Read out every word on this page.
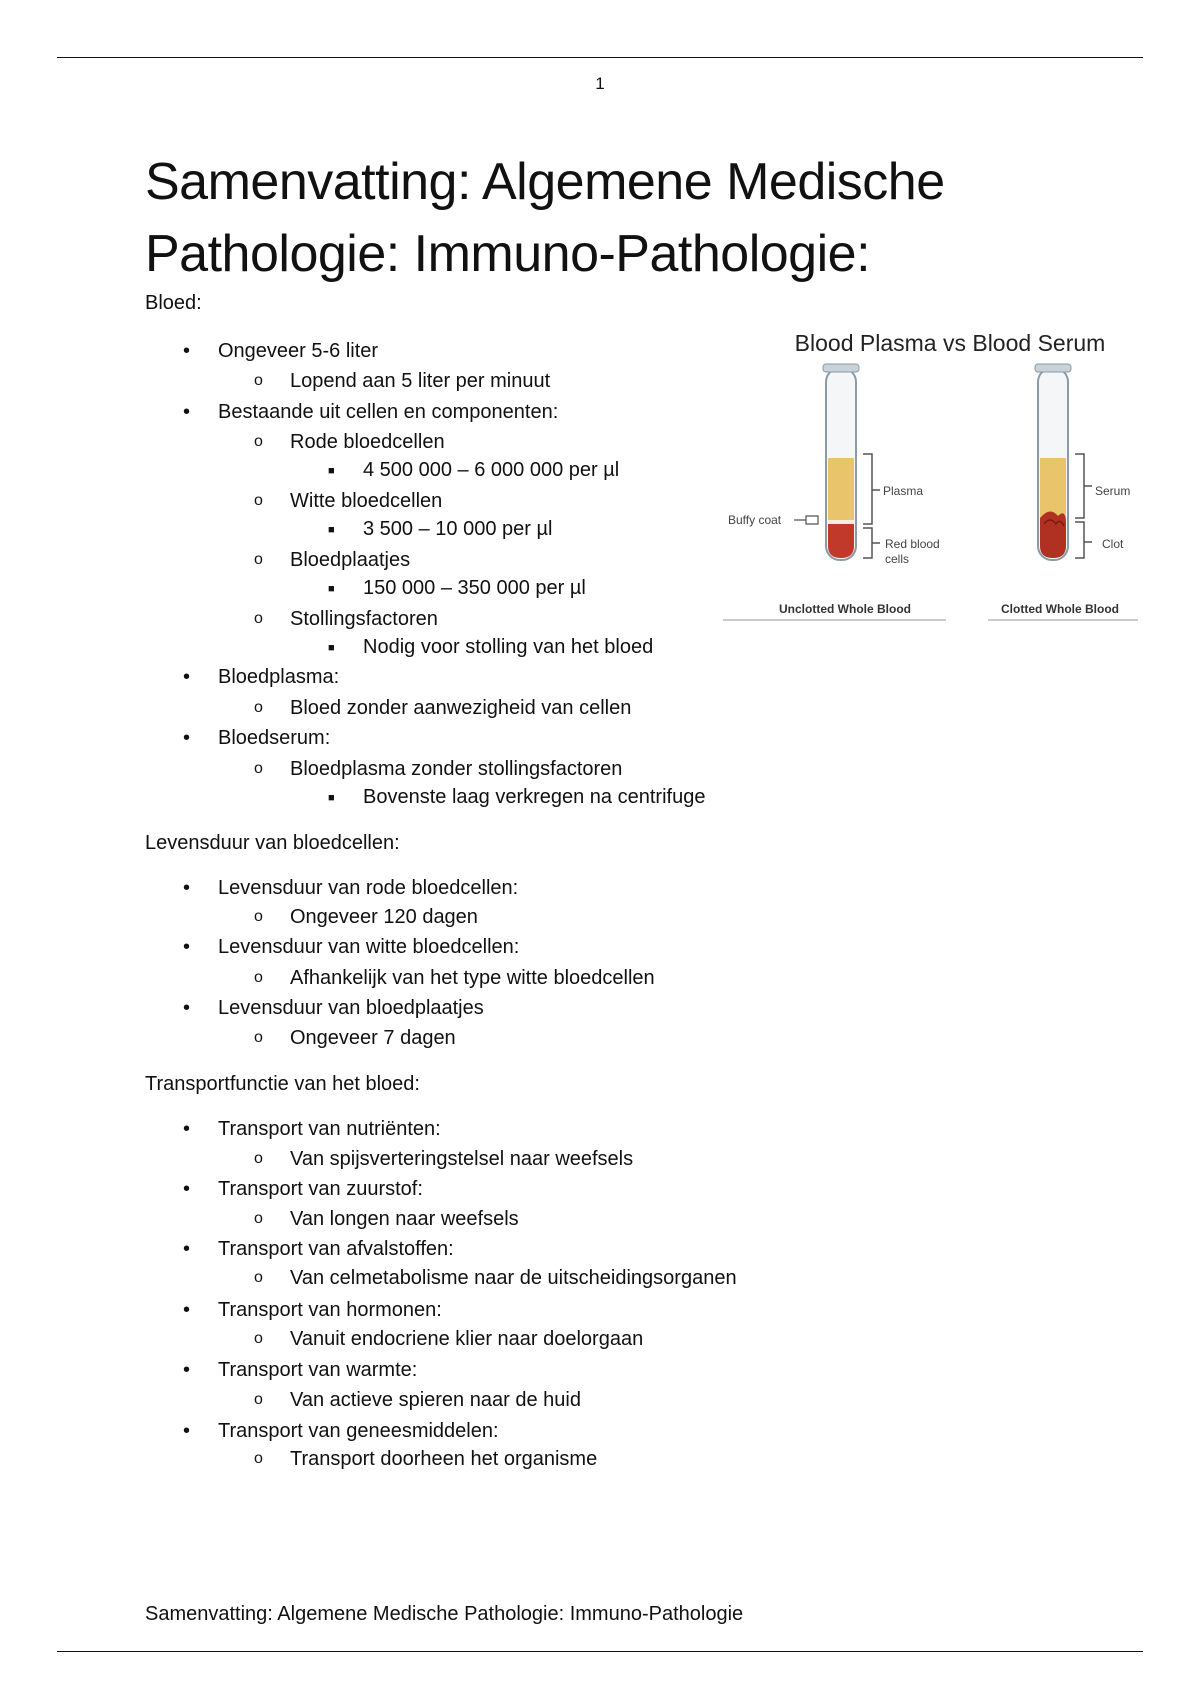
1
Samenvatting: Algemene Medische
Pathologie: Immuno-Pathologie:
Bloed:
• Ongeveer 5-6 liter
o Lopend aan 5 liter per minuut
• Bestaande uit cellen en componenten:
o Rode bloedcellen
■ 4 500 000 – 6 000 000 per µl
o Witte bloedcellen
■ 3 500 – 10 000 per µl
o Bloedplaatjes
■ 150 000 – 350 000 per µl
o Stollingsfactoren
■ Nodig voor stolling van het bloed
• Bloedplasma:
o Bloed zonder aanwezigheid van cellen
• Bloedserum:
o Bloedplasma zonder stollingsfactoren
■ Bovenste laag verkregen na centrifuge
Levensduur van bloedcellen:
• Levensduur van rode bloedcellen:
o Ongeveer 120 dagen
• Levensduur van witte bloedcellen:
o Afhankelijk van het type witte bloedcellen
• Levensduur van bloedplaatjes
o Ongeveer 7 dagen
Transportfunctie van het bloed:
• Transport van nutriënten:
o Van spijsverteringstelsel naar weefsels
• Transport van zuurstof:
o Van longen naar weefsels
• Transport van afvalstoffen:
o Van celmetabolisme naar de uitscheidingsorganen
• Transport van hormonen:
o Vanuit endocriene klier naar doelorgaan
• Transport van warmte:
o Van actieve spieren naar de huid
• Transport van geneesmiddelen:
o Transport doorheen het organisme
Blood Plasma vs Blood Serum
Plasma
Red blood
cells
Buffy coat
Serum
Clot
Unclotted Whole Blood	Clotted Whole Blood
Samenvatting: Algemene Medische Pathologie: Immuno-Pathologie
